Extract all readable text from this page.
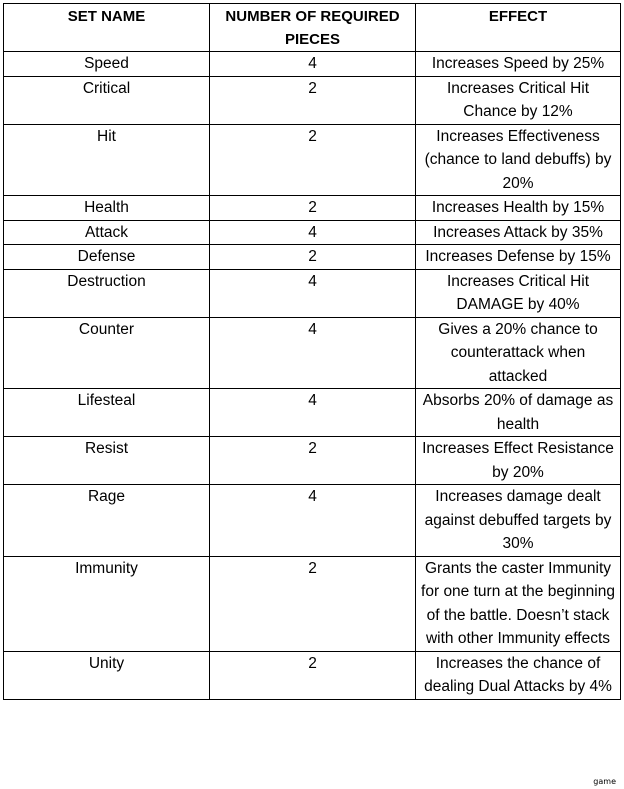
SET NAME	NUMBER OF REQUIRED PIECES	EFFECT
Speed	4	Increases Speed by 25%
Critical	2	Increases Critical Hit Chance by 12%
Hit	2	Increases Effectiveness (chance to land debuffs) by 20%
Health	2	Increases Health by 15%
Attack	4	Increases Attack by 35%
Defense	2	Increases Defense by 15%
Destruction	4	Increases Critical Hit DAMAGE by 40%
Counter	4	Gives a 20% chance to counterattack when attacked
Lifesteal	4	Absorbs 20% of damage as health
Resist	2	Increases Effect Resistance by 20%
Rage	4	Increases damage dealt against debuffed targets by 30%
Immunity	2	Grants the caster Immunity for one turn at the beginning of the battle. Doesn’t stack with other Immunity effects
Unity	2	Increases the chance of dealing Dual Attacks by 4%
game
